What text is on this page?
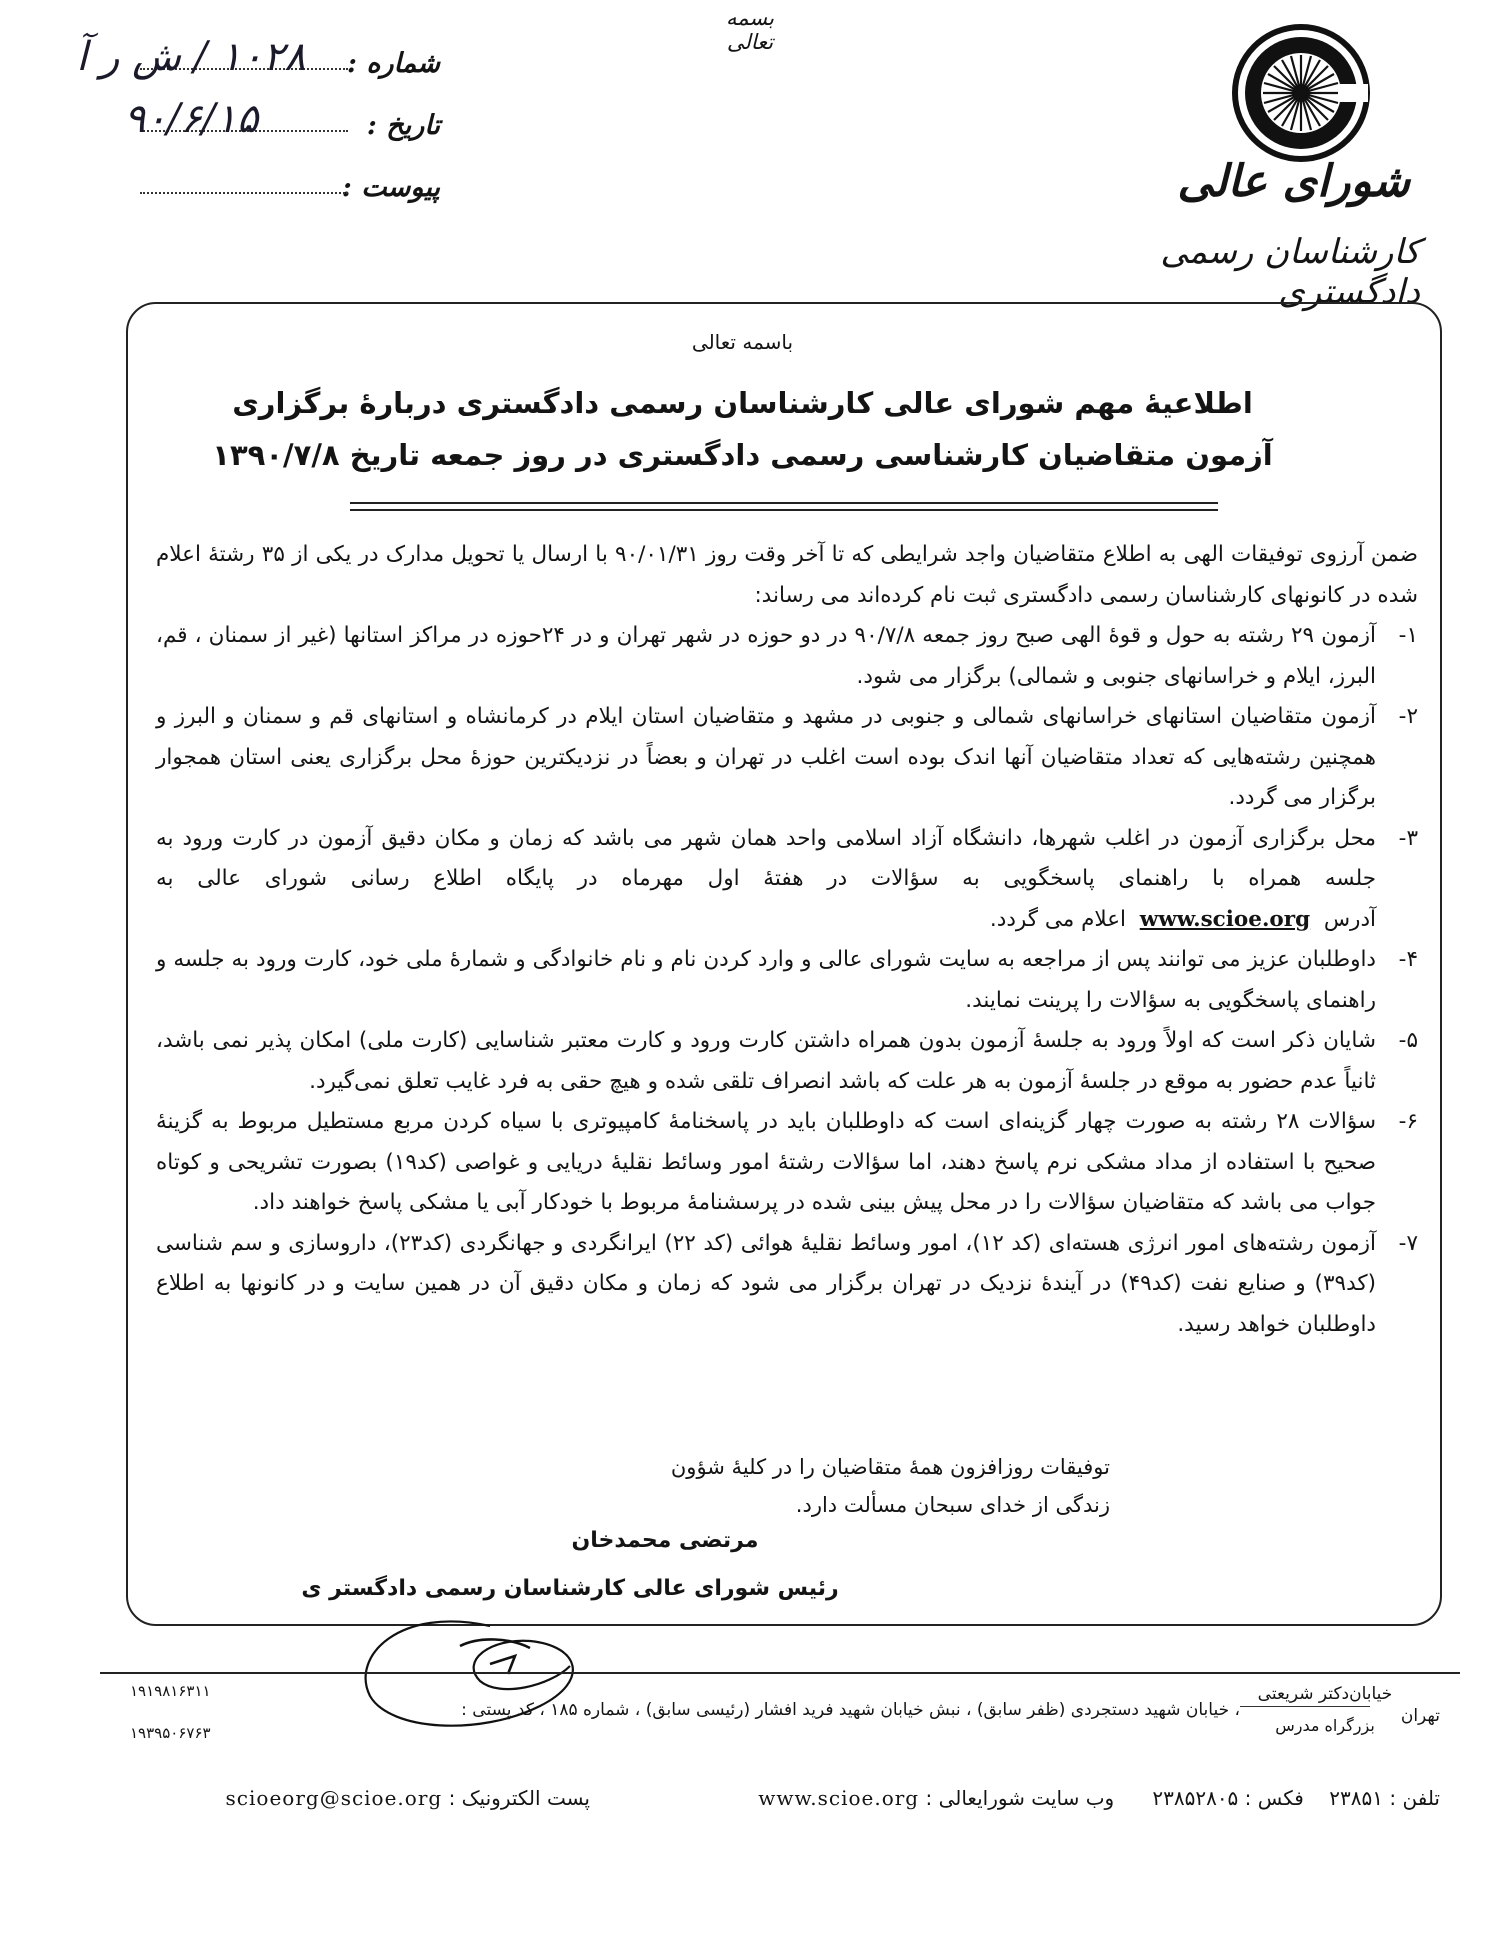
بسمه تعالی
شورای عالی
کارشناسان رسمی دادگستری
شماره :
۱۰۲۸ / ش ر آ
تاریخ :
۹۰/۶/۱۵
پیوست :
باسمه تعالی
اطلاعیۀ مهم شورای عالی کارشناسان رسمی دادگستری دربارۀ برگزاری
آزمون متقاضیان کارشناسی رسمی دادگستری در روز جمعه تاریخ ۱۳۹۰/۷/۸

ضمن آرزوی توفیقات الهی به اطلاع متقاضیان واجد شرایطی که تا آخر وقت روز ۹۰/۰۱/۳۱ با ارسال یا تحویل مدارک در یکی از ۳۵ رشتۀ اعلام شده در کانونهای کارشناسان رسمی دادگستری ثبت نام کرده‌اند می رساند:

۱-
آزمون ۲۹ رشته به حول و قوۀ الهی صبح روز جمعه ۹۰/۷/۸ در دو حوزه در شهر تهران و در ۲۴حوزه در مراکز استانها (غیر از سمنان ، قم، البرز، ایلام و خراسانهای جنوبی و شمالی) برگزار می شود.
۲-
آزمون متقاضیان استانهای خراسانهای شمالی و جنوبی در مشهد و متقاضیان استان ایلام در کرمانشاه و استانهای قم و سمنان و البرز و همچنین رشته‌هایی که تعداد متقاضیان آنها اندک بوده است اغلب در تهران و بعضاً در نزدیکترین حوزۀ محل برگزاری یعنی استان همجوار برگزار می گردد.
۳-
محل برگزاری آزمون در اغلب شهرها، دانشگاه آزاد اسلامی واحد همان شهر می باشد که زمان و مکان دقیق آزمون در کارت ورود به جلسه همراه با راهنمای پاسخگویی به سؤالات در هفتۀ اول مهرماه در پایگاه اطلاع رسانی شورای عالی به آدرس  www.scioe.org  اعلام می گردد.
۴-
داوطلبان عزیز می توانند پس از مراجعه به سایت شورای عالی و وارد کردن نام و نام خانوادگی و شمارۀ ملی خود، کارت ورود به جلسه و راهنمای پاسخگویی به سؤالات را پرینت نمایند.
۵-
شایان ذکر است که اولاً ورود به جلسۀ آزمون بدون همراه داشتن کارت ورود و کارت معتبر شناسایی (کارت ملی) امکان پذیر نمی باشد، ثانیاً عدم حضور به موقع در جلسۀ آزمون به هر علت که باشد انصراف تلقی شده و هیچ حقی به فرد غایب تعلق نمی‌گیرد.
۶-
سؤالات ۲۸ رشته به صورت چهار گزینه‌ای است که داوطلبان باید در پاسخنامۀ کامپیوتری با سیاه کردن مربع مستطیل مربوط به گزینۀ صحیح با استفاده از مداد مشکی نرم پاسخ دهند، اما سؤالات رشتۀ امور وسائط نقلیۀ دریایی و غواصی (کد۱۹) بصورت تشریحی و کوتاه جواب می باشد که متقاضیان سؤالات را در محل پیش بینی شده در پرسشنامۀ مربوط با خودکار آبی یا مشکی پاسخ خواهند داد.
۷-
آزمون رشته‌های امور انرژی هسته‌ای (کد ۱۲)، امور وسائط نقلیۀ هوائی (کد ۲۲) ایرانگردی و جهانگردی (کد۲۳)، داروسازی و سم شناسی (کد۳۹) و صنایع نفت (کد۴۹) در آیندۀ نزدیک در تهران برگزار می شود که زمان و مکان دقیق آن در همین سایت و در کانونها به اطلاع داوطلبان خواهد رسید.
توفیقات روزافزون همۀ متقاضیان را در کلیۀ شؤون
زندگی از خدای سبحان مسألت دارد.
مرتضی محمدخان
رئیس شورای عالی کارشناسان رسمی دادگستر ی
خیابان‌دکتر شریعتی
بزرگراه مدرس	تهران
، خیابان شهید دستجردی (ظفر سابق) ، نبش خیابان شهید فرید افشار (رئیسی سابق) ، شماره ۱۸۵ ، کد پستی :
۱۹۱۹۸۱۶۳۱۱
۱۹۳۹۵۰۶۷۶۳
تلفن : ۲۳۸۵۱    فکس : ۲۳۸۵۲۸۰۵      وب سایت شورایعالی : www.scioe.org
پست الکترونیک : scioeorg@scioe.org
